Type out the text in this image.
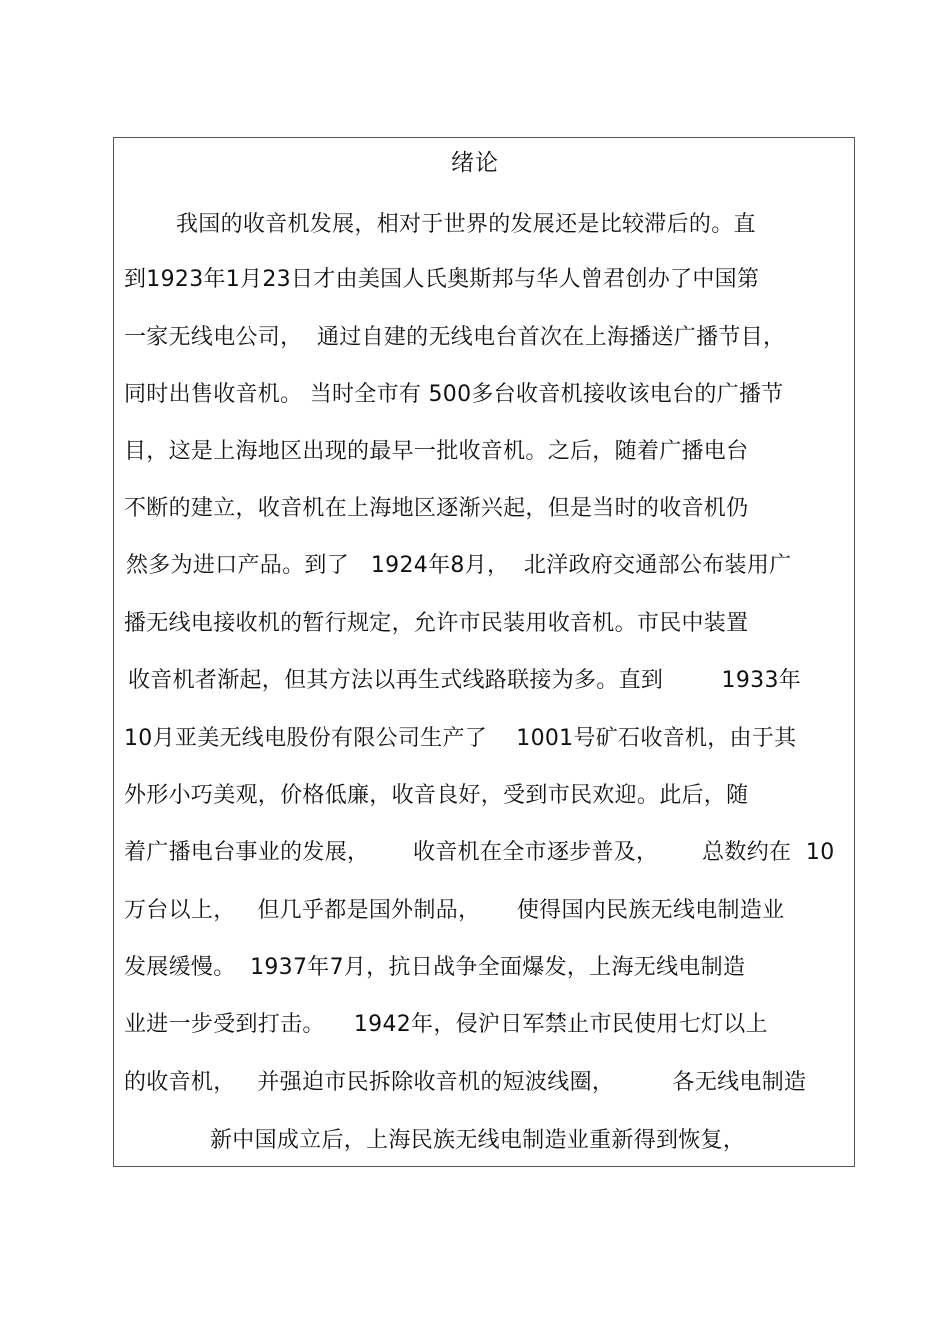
绪论
我国的收音机发展，相对于世界的发展还是比较滞后的。直
到1923年1月23日才由美国人氏奥斯邦与华人曾君创办了中国第
一家无线电公司，  通过自建的无线电台首次在上海播送广播节目，
同时出售收音机。 当时全市有 500多台收音机接收该电台的广播节
目，这是上海地区出现的最早一批收音机。之后，随着广播电台
不断的建立，收音机在上海地区逐渐兴起，但是当时的收音机仍
然多为进口产品。到了   1924年8月，  北洋政府交通部公布装用广
播无线电接收机的暂行规定，允许市民装用收音机。市民中装置
收音机者渐起，但其方法以再生式线路联接为多。直到        1933年
10月亚美无线电股份有限公司生产了    1001号矿石收音机，由于其
外形小巧美观，价格低廉，收音良好，受到市民欢迎。此后，随
着广播电台事业的发展，      收音机在全市逐步普及，      总数约在  10
万台以上，   但几乎都是国外制品，     使得国内民族无线电制造业
发展缓慢。  1937年7月，抗日战争全面爆发，上海无线电制造
业进一步受到打击。    1942年，侵沪日军禁止市民使用七灯以上
的收音机，   并强迫市民拆除收音机的短波线圈，        各无线电制造
新中国成立后，上海民族无线电制造业重新得到恢复，
